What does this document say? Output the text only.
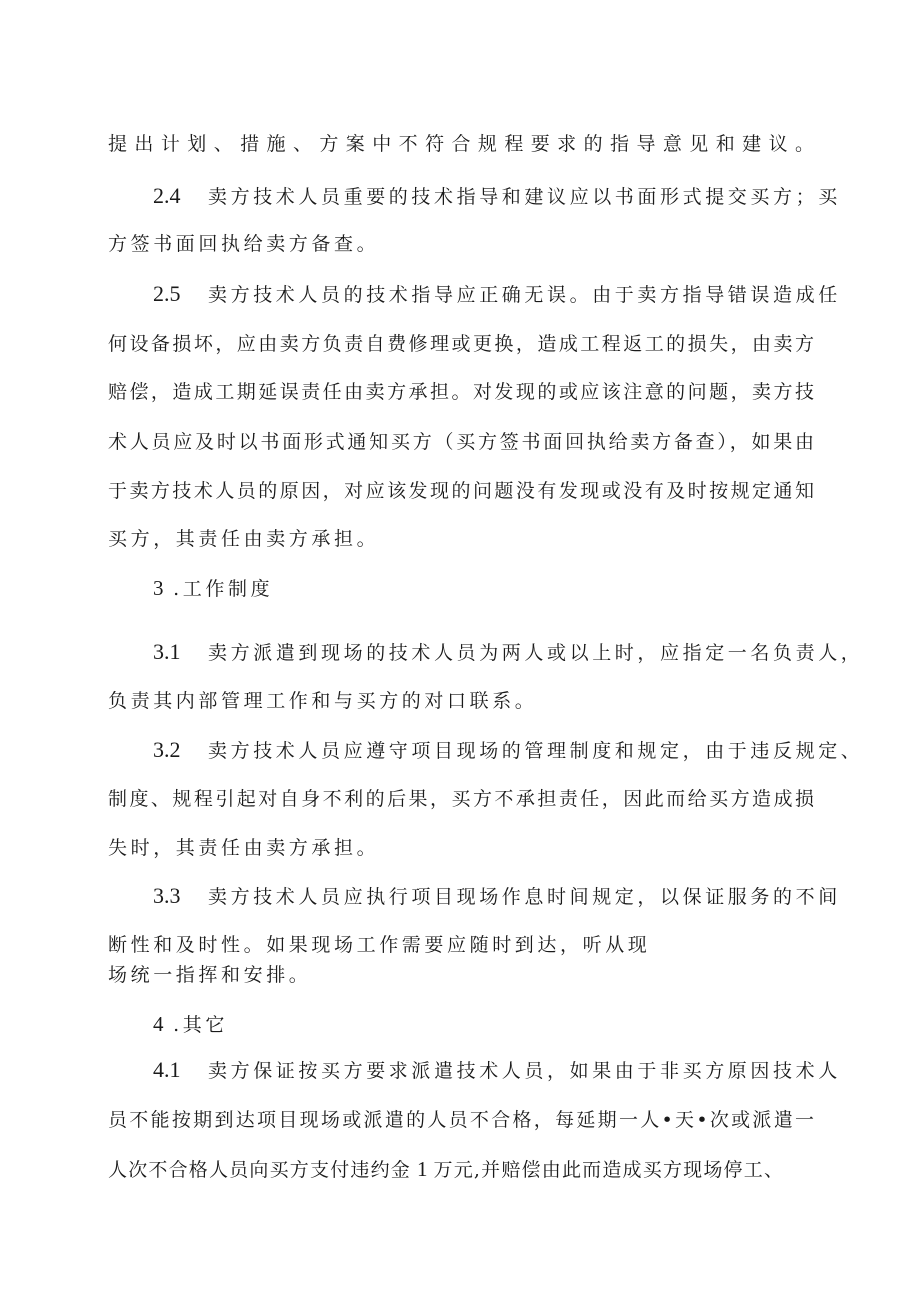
提出计划、措施、方案中不符合规程要求的指导意见和建议。
2.4 卖方技术人员重要的技术指导和建议应以书面形式提交买方；买
方签书面回执给卖方备查。
2.5 卖方技术人员的技术指导应正确无误。由于卖方指导错误造成任
何设备损坏，应由卖方负责自费修理或更换，造成工程返工的损失，由卖方
赔偿，造成工期延误责任由卖方承担。对发现的或应该注意的问题，卖方技
术人员应及时以书面形式通知买方（买方签书面回执给卖方备查），如果由
于卖方技术人员的原因，对应该发现的问题没有发现或没有及时按规定通知
买方，其责任由卖方承担。
3 .工作制度
3.1 卖方派遣到现场的技术人员为两人或以上时，应指定一名负责人，
负责其内部管理工作和与买方的对口联系。
3.2 卖方技术人员应遵守项目现场的管理制度和规定，由于违反规定、
制度、规程引起对自身不利的后果，买方不承担责任，因此而给买方造成损
失时，其责任由卖方承担。
3.3 卖方技术人员应执行项目现场作息时间规定，以保证服务的不间
断性和及时性。如果现场工作需要应随时到达，听从现
场统一指挥和安排。
4 .其它
4.1 卖方保证按买方要求派遣技术人员，如果由于非买方原因技术人
员不能按期到达项目现场或派遣的人员不合格，每延期一人•天•次或派遣一
人次不合格人员向买方支付违约金 1 万元,并赔偿由此而造成买方现场停工、
